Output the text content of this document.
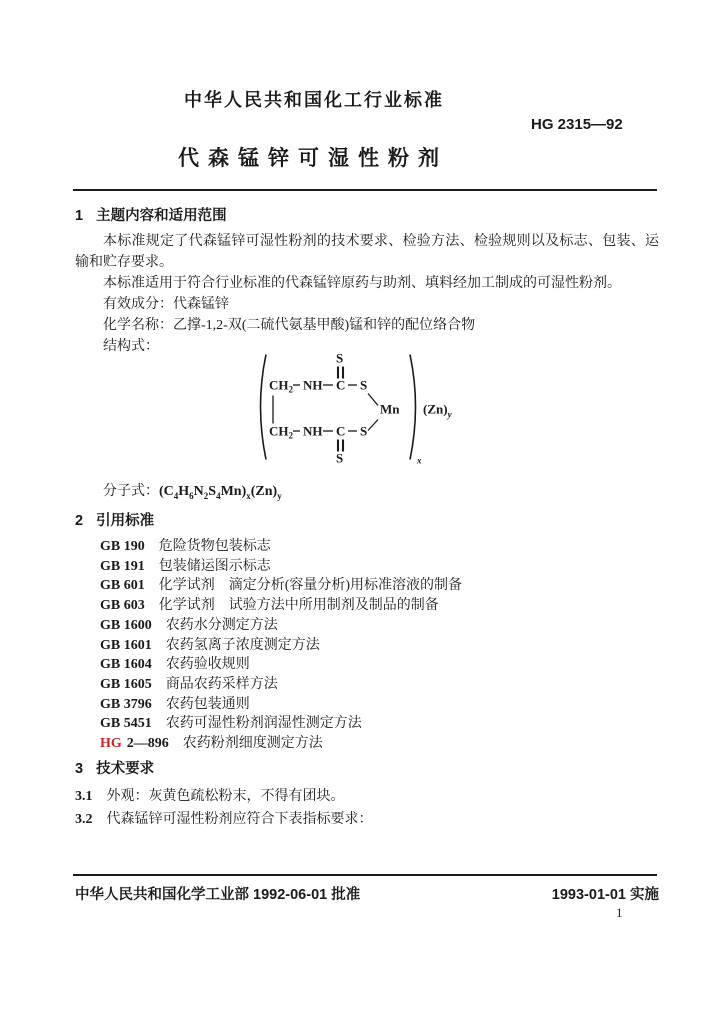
中华人民共和国化工行业标准
HG 2315—92
代森锰锌可湿性粉剂
1 主题内容和适用范围

本标准规定了代森锰锌可湿性粉剂的技术要求、检验方法、检验规则以及标志、包装、运输和贮存要求。

本标准适用于符合行业标准的代森锰锌原药与助剂、填料经加工制成的可湿性粉剂。

有效成分：代森锰锌

化学名称：乙撑-1,2-双(二硫代氨基甲酸)锰和锌的配位络合物

结构式：

S
$CH_2$ NH C S
Mn
$CH_2$ NH C S
S	x
$(Zn)_y$
分子式：$(C_4H_6N_2S_4Mn)_x(Zn)_y$
2 引用标准
GB 190 危险货物包装标志
GB 191 包装储运图示标志
GB 601 化学试剂　滴定分析(容量分析)用标准溶液的制备
GB 603 化学试剂　试验方法中所用制剂及制品的制备
GB 1600 农药水分测定方法
GB 1601 农药氢离子浓度测定方法
GB 1604 农药验收规则
GB 1605 商品农药采样方法
GB 3796 农药包装通则
GB 5451 农药可湿性粉剂润湿性测定方法
HG 2—896 农药粉剂细度测定方法
3 技术要求
3.1 外观：灰黄色疏松粉末，不得有团块。
3.2 代森锰锌可湿性粉剂应符合下表指标要求：
中华人民共和国化学工业部 1992-06-01 批准	1993-01-01 实施
1
